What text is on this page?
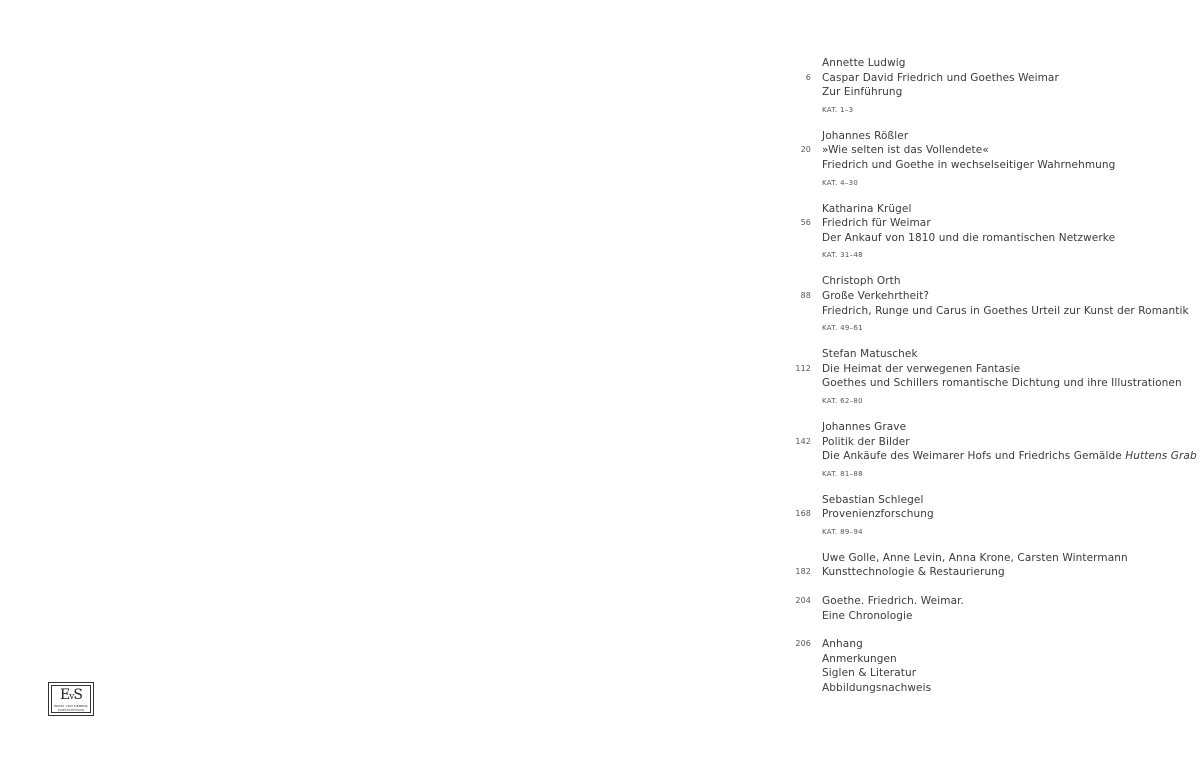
Annette Ludwig
6 Caspar David Friedrich und Goethes Weimar
Zur Einführung
KAT. 1–3
Johannes Rößler
20 »Wie selten ist das Vollendete«
Friedrich und Goethe in wechselseitiger Wahrnehmung
KAT. 4–30
Katharina Krügel
56 Friedrich für Weimar
Der Ankauf von 1810 und die romantischen Netzwerke
KAT. 31–48
Christoph Orth
88 Große Verkehrtheit?
Friedrich, Runge und Carus in Goethes Urteil zur Kunst der Romantik
KAT. 49–61
Stefan Matuschek
112 Die Heimat der verwegenen Fantasie
Goethes und Schillers romantische Dichtung und ihre Illustrationen
KAT. 62–80
Johannes Grave
142 Politik der Bilder
Die Ankäufe des Weimarer Hofs und Friedrichs Gemälde Huttens Grab
KAT. 81–88
Sebastian Schlegel
168 Provenienzforschung
KAT. 89–94
Uwe Golle, Anne Levin, Anna Krone, Carsten Wintermann
182 Kunsttechnologie & Restaurierung
204 Goethe. Friedrich. Weimar.
Eine Chronologie
206 Anhang
Anmerkungen
Siglen & Literatur
Abbildungsnachweis
EvS
ERNST VON SIEMENS
KUNSTSTIFTUNG
